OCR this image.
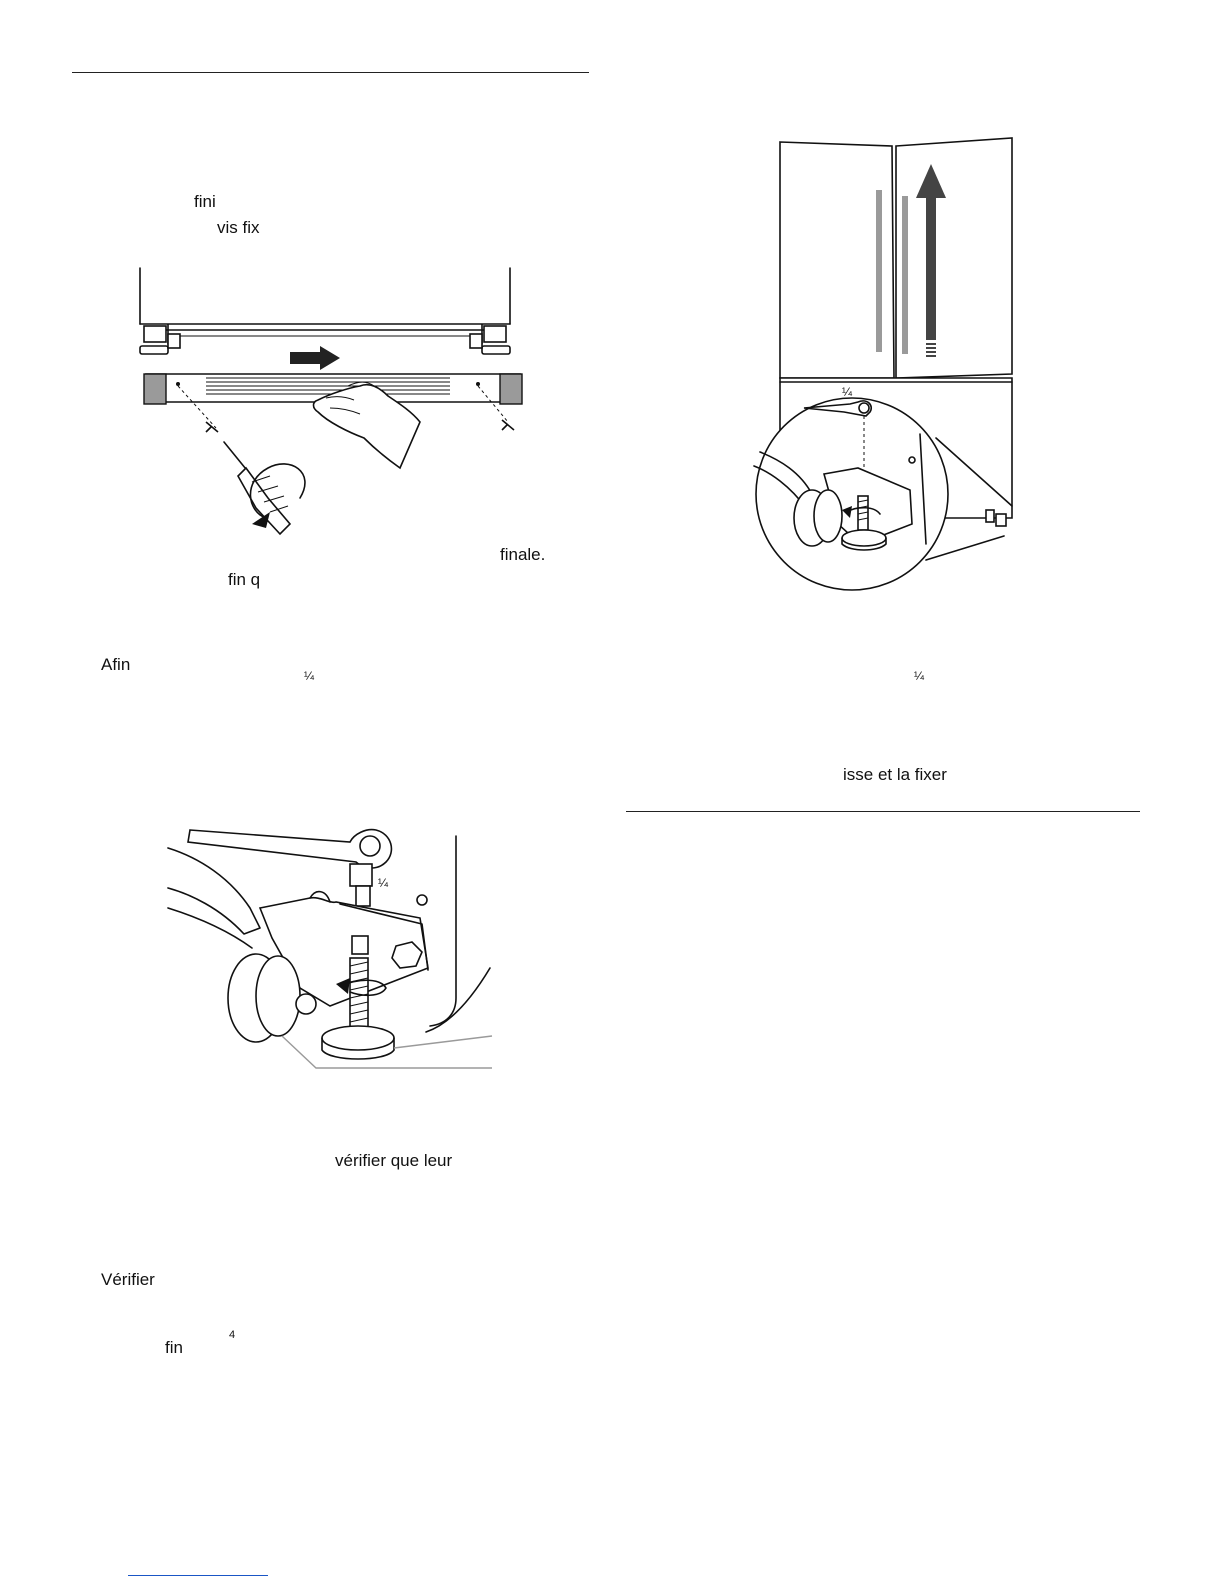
fini
vis fix
finale.
fin q
Afin
¼
¼
vérifier que leur
Vérifier
4
fin
¼
¼
isse et la fixer
